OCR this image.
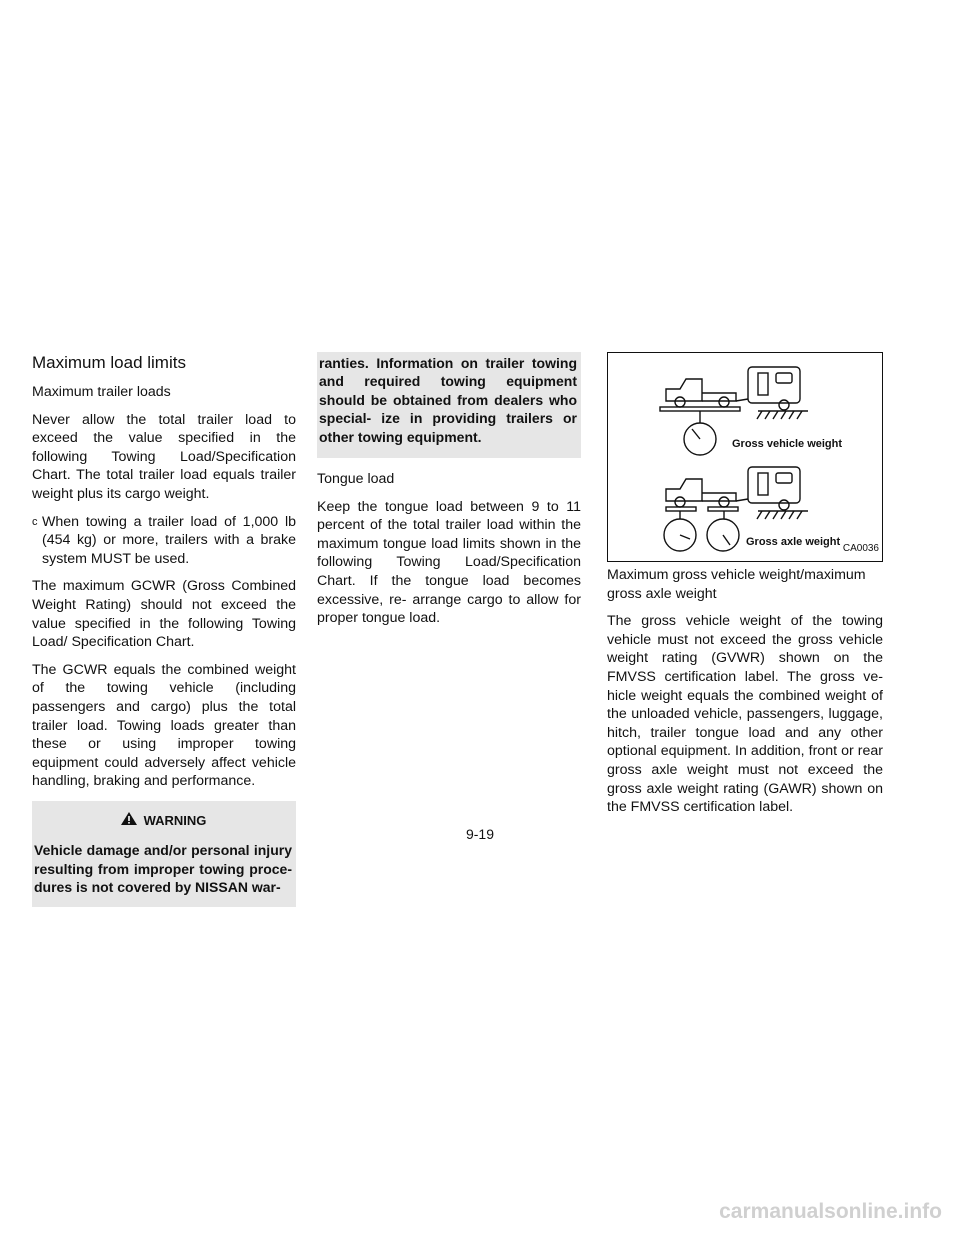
Maximum load limits
Maximum trailer loads

Never allow the total trailer load to exceed the value specified in the following Towing Load/Specification Chart. The total trailer load equals trailer weight plus its cargo weight.

c When towing a trailer load of 1,000 lb (454 kg) or more, trailers with a brake system MUST be used.

The maximum GCWR (Gross Combined Weight Rating) should not exceed the value specified in the following Towing Load/ Specification Chart.

The GCWR equals the combined weight of the towing vehicle (including passengers and cargo) plus the total trailer load. Towing loads greater than these or using improper towing equipment could adversely affect vehicle handling, braking and performance.

WARNING
Vehicle damage and/or personal injury resulting from improper towing proce- dures is not covered by NISSAN war-
ranties. Information on trailer towing and required towing equipment should be obtained from dealers who special- ize in providing trailers or other towing equipment.
Tongue load

Keep the tongue load between 9 to 11 percent of the total trailer load within the maximum tongue load limits shown in the following Towing Load/Specification Chart. If the tongue load becomes excessive, re- arrange cargo to allow for proper tongue load.

Gross vehicle weight
Gross axle weight
CA0036
Maximum gross vehicle weight/maximum gross axle weight

The gross vehicle weight of the towing vehicle must not exceed the gross vehicle weight rating (GVWR) shown on the FMVSS certification label. The gross ve- hicle weight equals the combined weight of the unloaded vehicle, passengers, luggage, hitch, trailer tongue load and any other optional equipment. In addition, front or rear gross axle weight must not exceed the gross axle weight rating (GAWR) shown on the FMVSS certification label.

9-19
carmanualsonline.info
